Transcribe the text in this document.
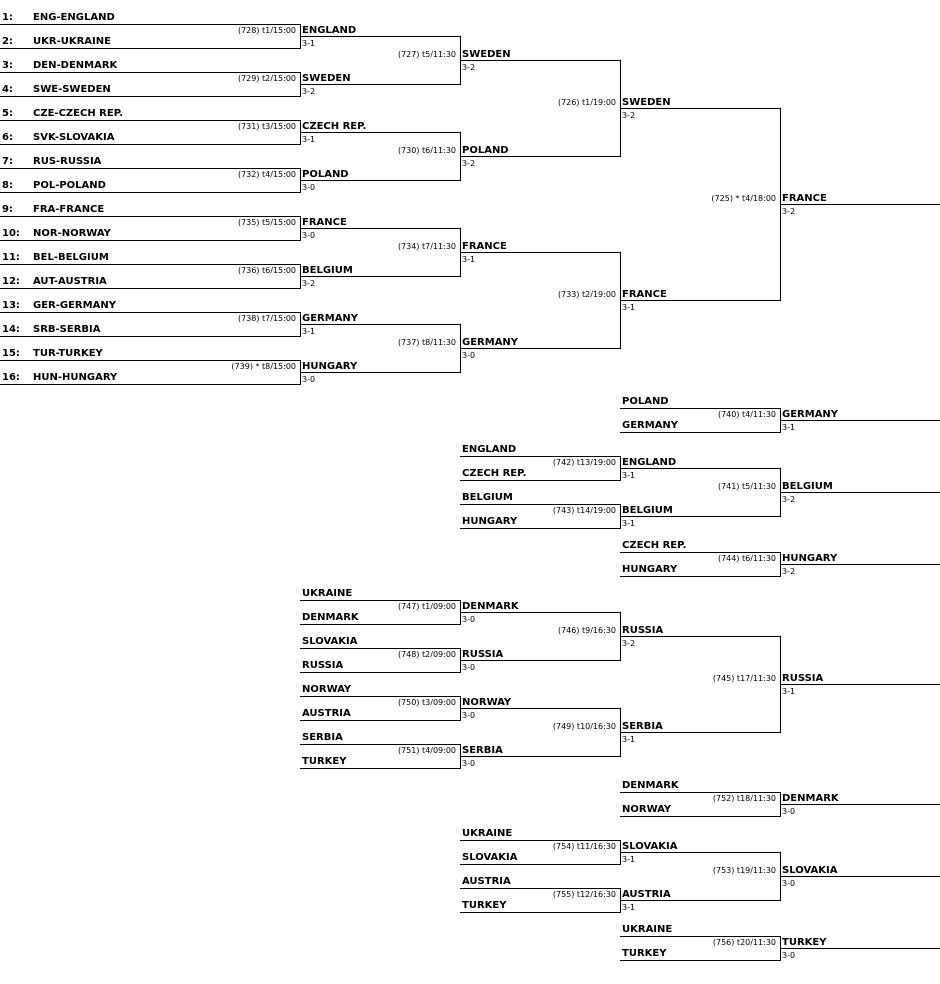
1: ENG-ENGLAND
2: UKR-UKRAINE
3: DEN-DENMARK
4: SWE-SWEDEN
5: CZE-CZECH REP.
6: SVK-SLOVAKIA
7: RUS-RUSSIA
8: POL-POLAND
9: FRA-FRANCE
10: NOR-NORWAY
11: BEL-BELGIUM
12: AUT-AUSTRIA
13: GER-GERMANY
14: SRB-SERBIA
15: TUR-TURKEY
16: HUN-HUNGARY
(728) t1/15:00 ENGLAND
3-1
(729) t2/15:00 SWEDEN
3-2
(731) t3/15:00 CZECH REP.
3-1
(732) t4/15:00 POLAND
3-0
(735) t5/15:00 FRANCE
3-0
(736) t6/15:00 BELGIUM
3-2
(738) t7/15:00 GERMANY
3-1
(739) * t8/15:00 HUNGARY
3-0
(727) t5/11:30 SWEDEN
3-2
(730) t6/11:30 POLAND
3-2
(734) t7/11:30 FRANCE
3-1
(737) t8/11:30 GERMANY
3-0
(726) t1/19:00 SWEDEN
3-2
(733) t2/19:00 FRANCE
3-1
(725) * t4/18:00 FRANCE
3-2
POLAND
GERMANY
(740) t4/11:30 GERMANY
3-1
ENGLAND
CZECH REP.
(742) t13/19:00 ENGLAND
3-1
BELGIUM
HUNGARY
(743) t14/19:00 BELGIUM
3-1
(741) t5/11:30 BELGIUM
3-2
CZECH REP.
HUNGARY
(744) t6/11:30 HUNGARY
3-2
UKRAINE
DENMARK
(747) t1/09:00 DENMARK
3-0
SLOVAKIA
RUSSIA
(748) t2/09:00 RUSSIA
3-0
NORWAY
AUSTRIA
(750) t3/09:00 NORWAY
3-0
SERBIA
TURKEY
(751) t4/09:00 SERBIA
3-0
(746) t9/16:30 RUSSIA
3-2
(749) t10/16:30 SERBIA
3-1
(745) t17/11:30 RUSSIA
3-1
DENMARK
NORWAY
(752) t18/11:30 DENMARK
3-0
UKRAINE
SLOVAKIA
(754) t11/16:30 SLOVAKIA
3-1
AUSTRIA
TURKEY
(755) t12/16:30 AUSTRIA
3-1
(753) t19/11:30 SLOVAKIA
3-0
UKRAINE
TURKEY
(756) t20/11:30 TURKEY
3-0
